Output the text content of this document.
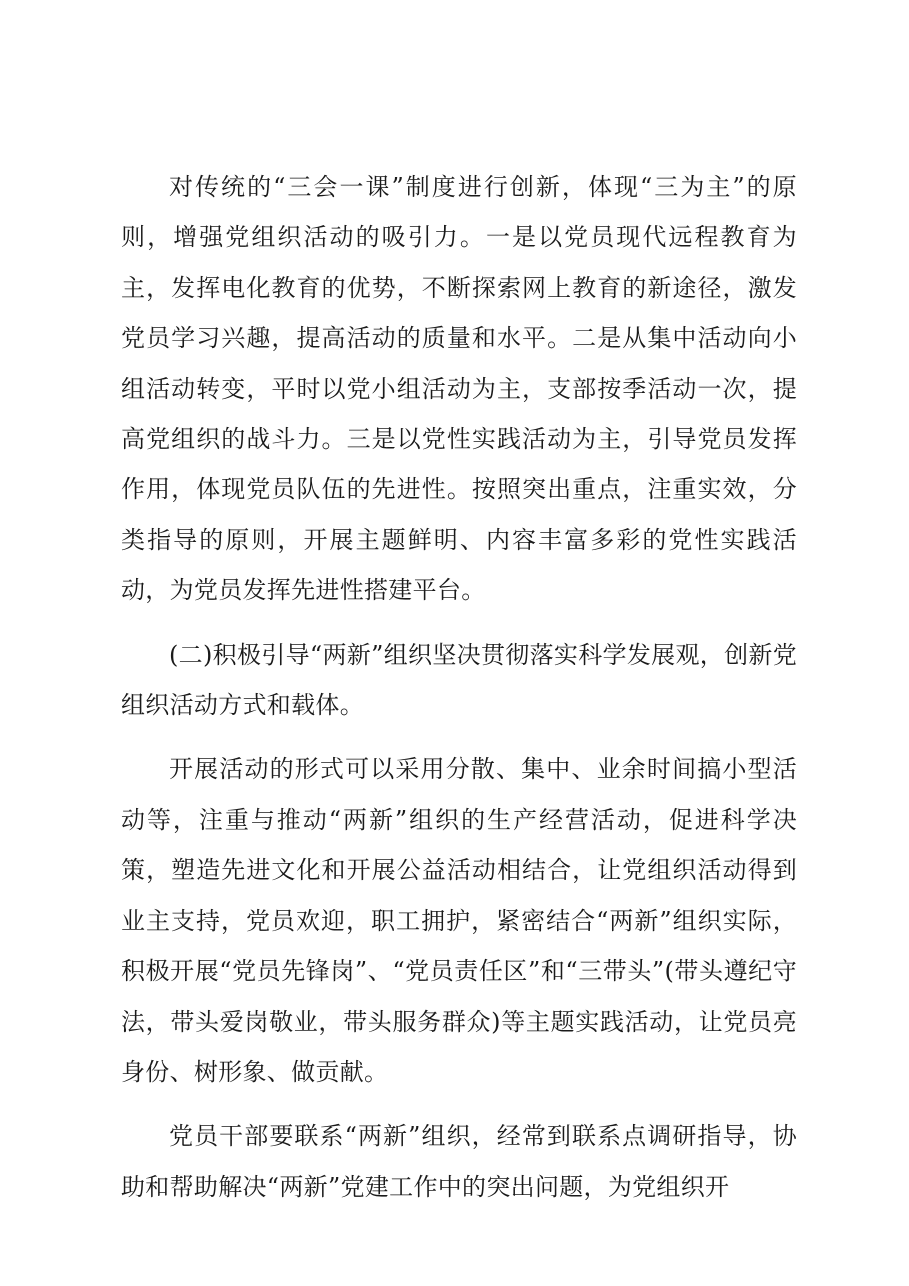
对传统的“三会一课”制度进行创新，体现“三为主”的原则，增强党组织活动的吸引力。一是以党员现代远程教育为主，发挥电化教育的优势，不断探索网上教育的新途径，激发党员学习兴趣，提高活动的质量和水平。二是从集中活动向小组活动转变，平时以党小组活动为主，支部按季活动一次，提高党组织的战斗力。三是以党性实践活动为主，引导党员发挥作用，体现党员队伍的先进性。按照突出重点，注重实效，分类指导的原则，开展主题鲜明、内容丰富多彩的党性实践活动，为党员发挥先进性搭建平台。

(二)积极引导“两新”组织坚决贯彻落实科学发展观，创新党组织活动方式和载体。

开展活动的形式可以采用分散、集中、业余时间搞小型活动等，注重与推动“两新”组织的生产经营活动，促进科学决策，塑造先进文化和开展公益活动相结合，让党组织活动得到业主支持，党员欢迎，职工拥护，紧密结合“两新”组织实际，积极开展“党员先锋岗”、“党员责任区”和“三带头”(带头遵纪守法，带头爱岗敬业，带头服务群众)等主题实践活动，让党员亮身份、树形象、做贡献。

党员干部要联系“两新”组织，经常到联系点调研指导，协助和帮助解决“两新”党建工作中的突出问题，为党组织开
